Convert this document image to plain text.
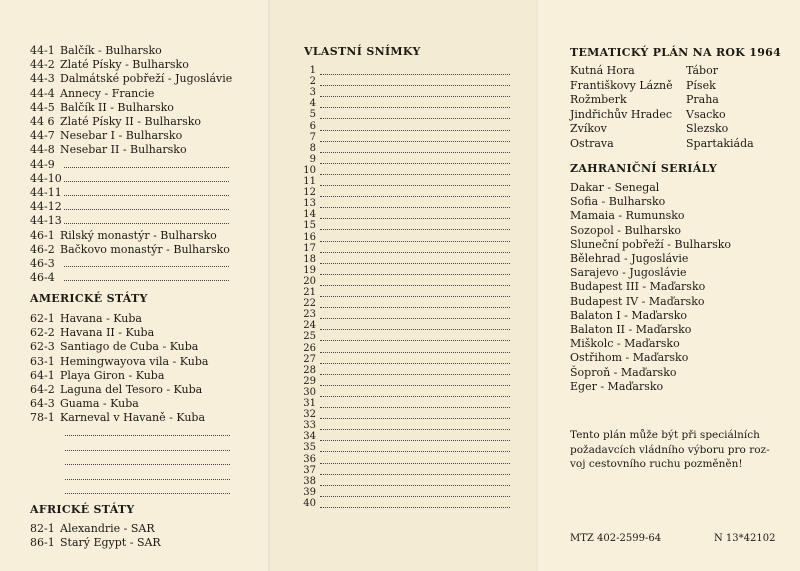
44-1 Balčík - Bulharsko
44-2 Zlaté Písky - Bulharsko
44-3 Dalmátské pobřeží - Jugoslávie
44-4 Annecy - Francie
44-5 Balčík II - Bulharsko
44 6 Zlaté Písky II - Bulharsko
44-7 Nesebar I - Bulharsko
44-8 Nesebar II - Bulharsko
44-9
44-10
44-11
44-12
44-13
46-1 Rilský monastýr - Bulharsko
46-2 Bačkovo monastýr - Bulharsko
46-3
46-4
AMERICKÉ STÁTY
62-1 Havana - Kuba
62-2 Havana II - Kuba
62-3 Santiago de Cuba - Kuba
63-1 Hemingwayova vila - Kuba
64-1 Playa Giron - Kuba
64-2 Laguna del Tesoro - Kuba
64-3 Guama - Kuba
78-1 Karneval v Havaně - Kuba
AFRICKÉ STÁTY
82-1 Alexandrie - SAR
86-1 Starý Egypt - SAR
VLASTNÍ SNÍMKY
1
2
3
4
5
6
7
8
9
10
11
12
13
14
15
16
17
18
19
20
21
22
23
24
25
26
27
28
29
30
31
32
33
34
35
36
37
38
39
40
TEMATICKÝ PLÁN NA ROK 1964
Kutná Hora
Františkovy Lázně
Rožmberk
Jindřichův Hradec
Zvíkov
Ostrava
Tábor
Písek
Praha
Vsacko
Slezsko
Spartakiáda
ZAHRANIČNÍ SERIÁLY
Dakar - Senegal
Sofia - Bulharsko
Mamaia - Rumunsko
Sozopol - Bulharsko
Sluneční pobřeží - Bulharsko
Bělehrad - Jugoslávie
Sarajevo - Jugoslávie
Budapest III - Maďarsko
Budapest IV - Maďarsko
Balaton I - Maďarsko
Balaton II - Maďarsko
Miškolc - Maďarsko
Ostřihom - Maďarsko
Šoproň - Maďarsko
Eger - Maďarsko
Tento plán může být při speciálních
požadavcích vládního výboru pro roz-
voj cestovního ruchu pozměněn!
MTZ 402-2599-64	N 13*42102
